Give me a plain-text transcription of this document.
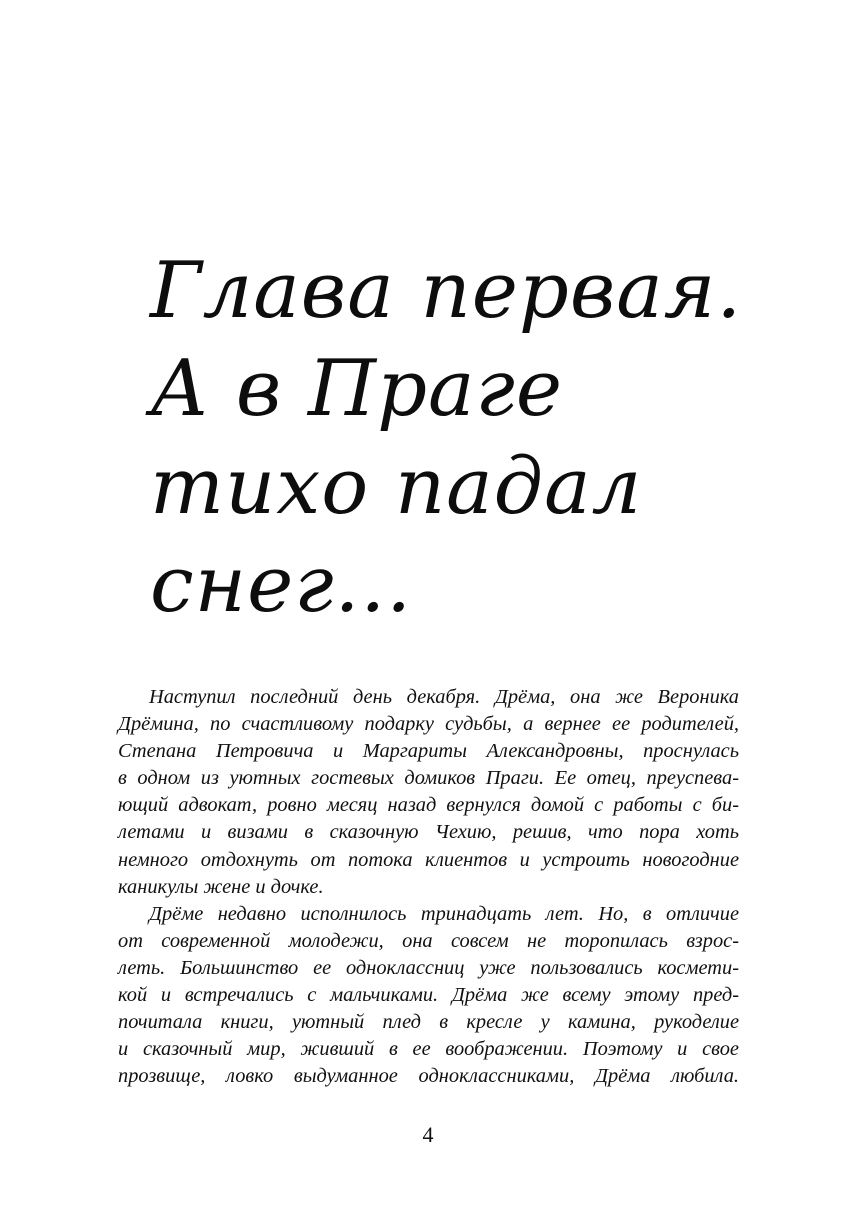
Глава первая.
А в Праге
тихо падал
снег...
Наступил последний день декабря. Дрёма, она же Вероника
Дрёмина, по счастливому подарку судьбы, а вернее ее родителей,
Степана Петровича и Маргариты Александровны, проснулась
в одном из уютных гостевых домиков Праги. Ее отец, преуспева-
ющий адвокат, ровно месяц назад вернулся домой с работы с би-
летами и визами в сказочную Чехию, решив, что пора хоть
немного отдохнуть от потока клиентов и устроить новогодние
каникулы жене и дочке.
Дрёме недавно исполнилось тринадцать лет. Но, в отличие
от современной молодежи, она совсем не торопилась взрос-
леть. Большинство ее одноклассниц уже пользовались космети-
кой и встречались с мальчиками. Дрёма же всему этому пред-
почитала книги, уютный плед в кресле у камина, рукоделие
и сказочный мир, живший в ее воображении. Поэтому и свое
прозвище, ловко выдуманное одноклассниками, Дрёма любила.
4
